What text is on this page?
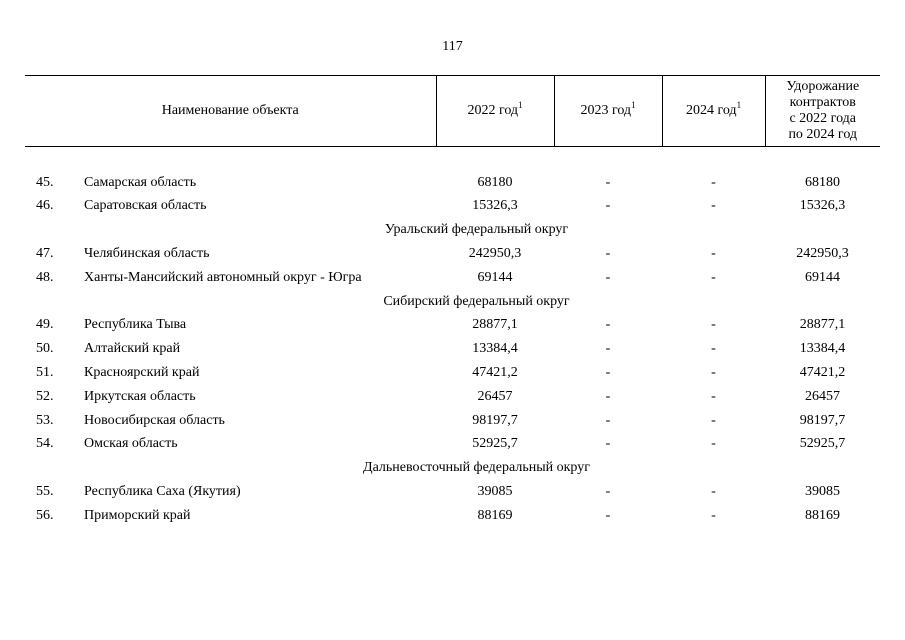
117
Наименование объекта	2022 год$^1$	2023 год$^1$	2024 год$^1$	Удорожание
контрактов
с 2022 года
по 2024 год

45. Самарская область	68180	-	-	68180
46. Саратовская область	15326,3	-	-	15326,3
Уральский федеральный округ				
47. Челябинская область	242950,3	-	-	242950,3
48. Ханты-Мансийский автономный округ - Югра	69144	-	-	69144
Сибирский федеральный округ				
49. Республика Тыва	28877,1	-	-	28877,1
50. Алтайский край	13384,4	-	-	13384,4
51. Красноярский край	47421,2	-	-	47421,2
52. Иркутская область	26457	-	-	26457
53. Новосибирская область	98197,7	-	-	98197,7
54. Омская область	52925,7	-	-	52925,7
Дальневосточный федеральный округ				
55. Республика Саха (Якутия)	39085	-	-	39085
56. Приморский край	88169	-	-	88169
